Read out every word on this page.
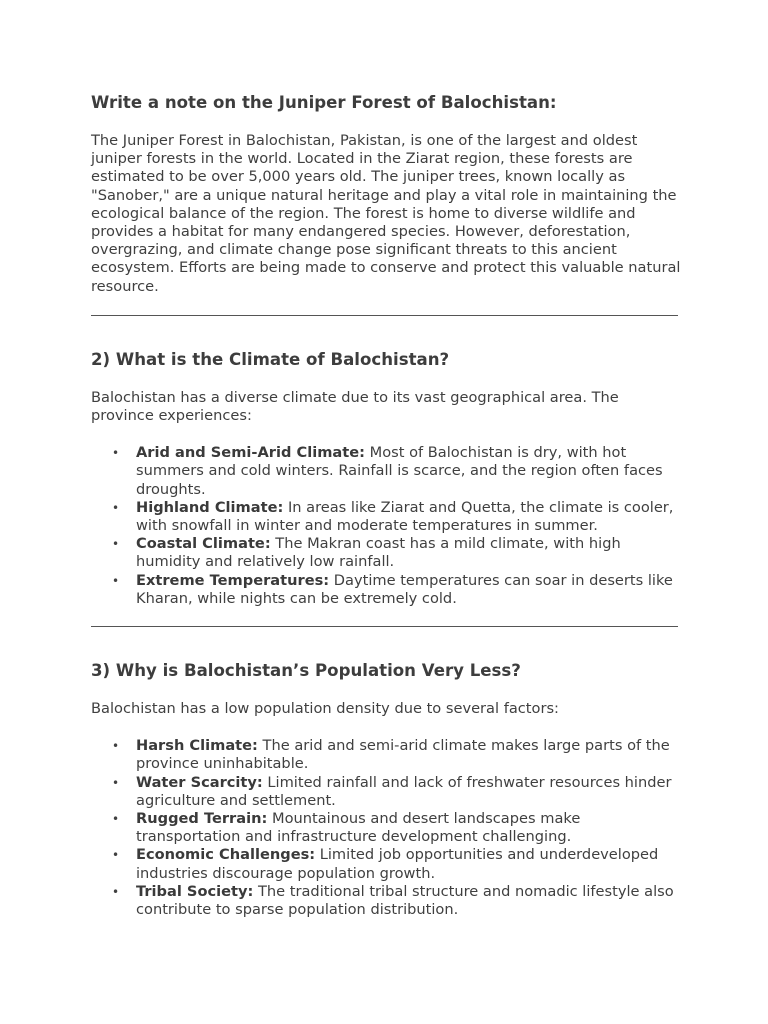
Write a note on the Juniper Forest of Balochistan:

The Juniper Forest in Balochistan, Pakistan, is one of the largest and oldest juniper forests in the world. Located in the Ziarat region, these forests are estimated to be over 5,000 years old. The juniper trees, known locally as "Sanober," are a unique natural heritage and play a vital role in maintaining the ecological balance of the region. The forest is home to diverse wildlife and provides a habitat for many endangered species. However, deforestation, overgrazing, and climate change pose significant threats to this ancient ecosystem. Efforts are being made to conserve and protect this valuable natural resource.

2) What is the Climate of Balochistan?

Balochistan has a diverse climate due to its vast geographical area. The province experiences:

• Arid and Semi-Arid Climate: Most of Balochistan is dry, with hot summers and cold winters. Rainfall is scarce, and the region often faces droughts.
• Highland Climate: In areas like Ziarat and Quetta, the climate is cooler, with snowfall in winter and moderate temperatures in summer.
• Coastal Climate: The Makran coast has a mild climate, with high humidity and relatively low rainfall.
• Extreme Temperatures: Daytime temperatures can soar in deserts like Kharan, while nights can be extremely cold.
3) Why is Balochistan’s Population Very Less?

Balochistan has a low population density due to several factors:

• Harsh Climate: The arid and semi-arid climate makes large parts of the province uninhabitable.
• Water Scarcity: Limited rainfall and lack of freshwater resources hinder agriculture and settlement.
• Rugged Terrain: Mountainous and desert landscapes make transportation and infrastructure development challenging.
• Economic Challenges: Limited job opportunities and underdeveloped industries discourage population growth.
• Tribal Society: The traditional tribal structure and nomadic lifestyle also contribute to sparse population distribution.
